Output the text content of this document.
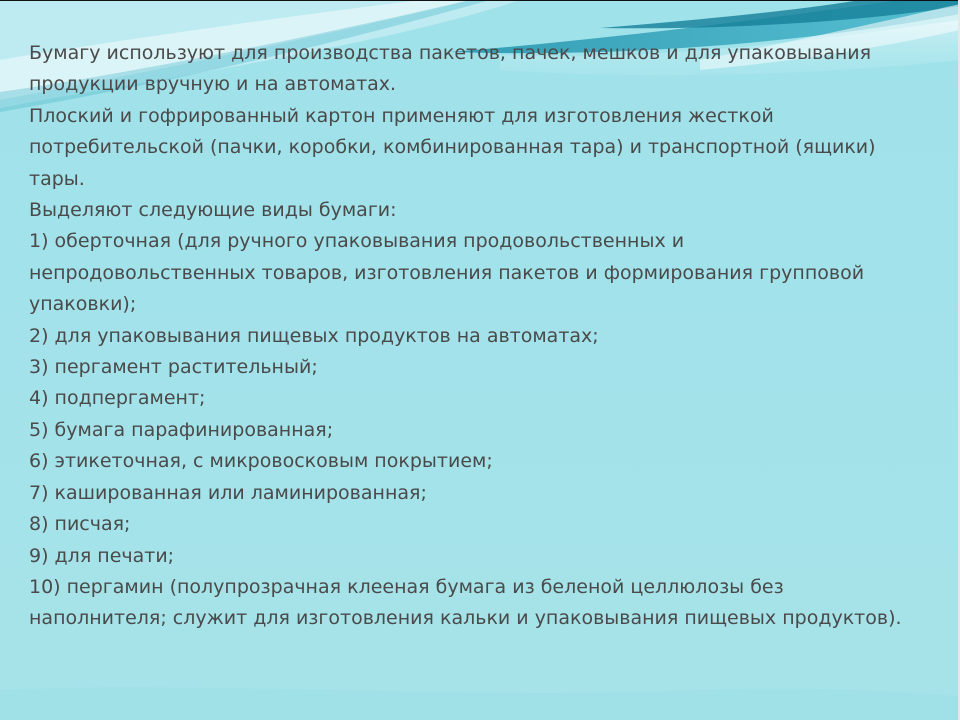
Бумагу используют для производства пакетов, пачек, мешков и для упаковывания продукции вручную и на автоматах.

Плоский и гофрированный картон применяют для изготовления жесткой потребительской (пачки, коробки, комбинированная тара) и транспортной (ящики) тары.

Выделяют следующие виды бумаги:

1) оберточная (для ручного упаковывания продовольственных и непродовольственных товаров, изготовления пакетов и формирования групповой упаковки);

2) для упаковывания пищевых продуктов на автоматах;

3) пергамент растительный;

4) подпергамент;

5) бумага парафинированная;

6) этикеточная, с микровосковым покрытием;

7) кашированная или ламинированная;

8) писчая;

9) для печати;

10) пергамин (полупрозрачная клееная бумага из беленой целлюлозы без наполнителя; служит для изготовления кальки и упаковывания пищевых продуктов).
